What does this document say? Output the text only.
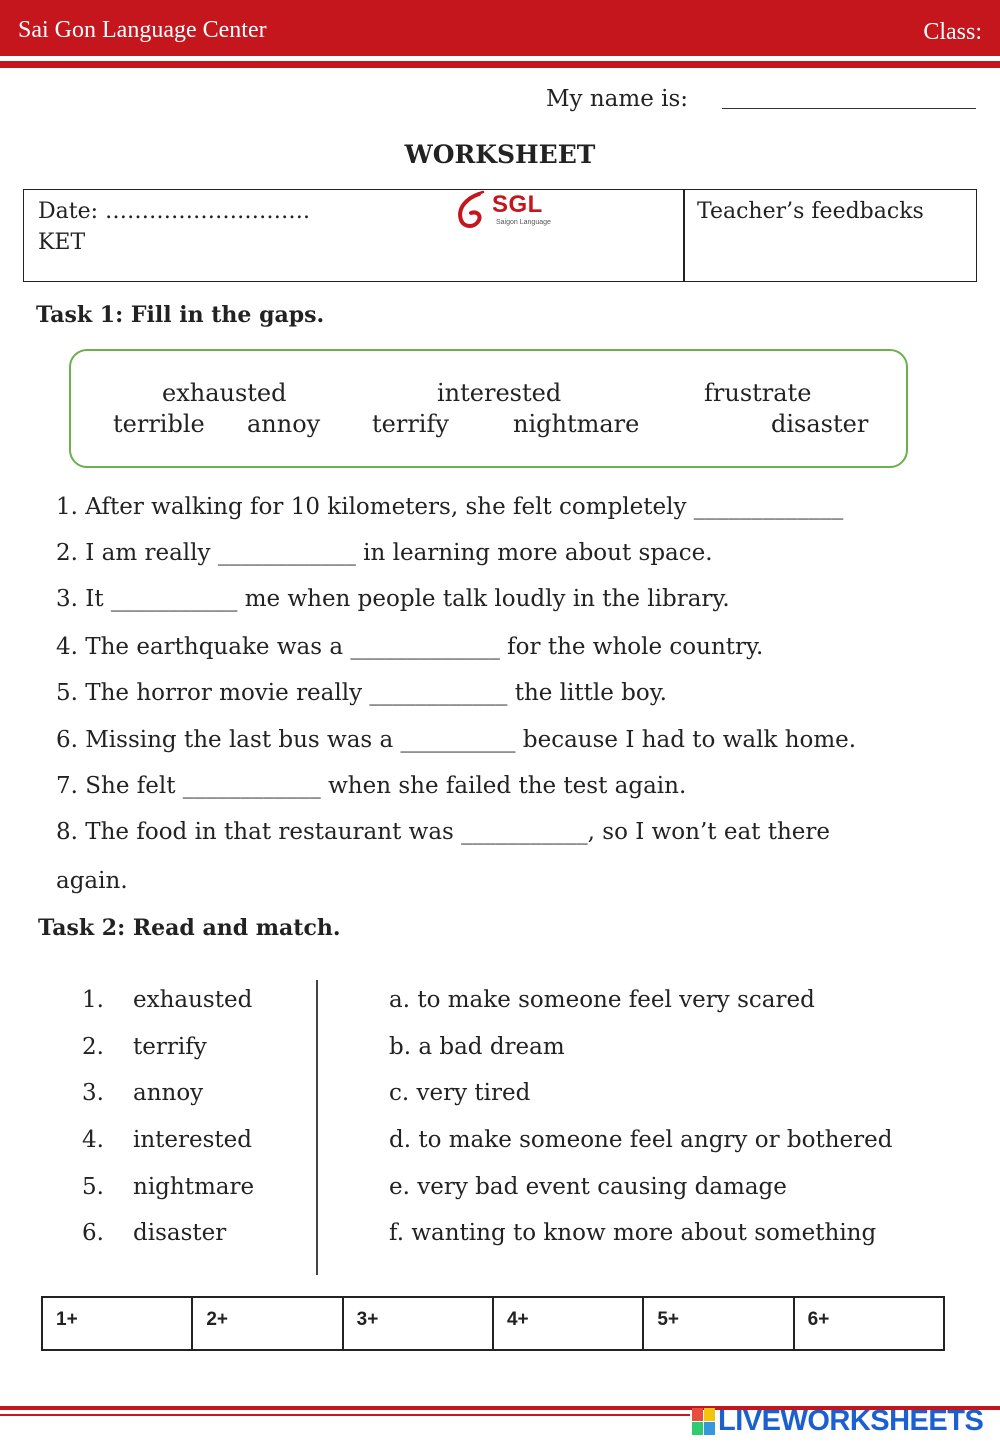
Sai Gon Language Center	Class:
My name is:
WORKSHEET
Date: ……………………….
KET
Teacher’s feedbacks
SGL
Saigon Language
Task 1: Fill in the gaps.
exhausted	interested	frustrate
terrible annoy terrify	nightmare	disaster
1. After walking for 10 kilometers, she felt completely _____________
2. I am really ____________ in learning more about space.
3. It ___________ me when people talk loudly in the library.
4. The earthquake was a _____________ for the whole country.
5. The horror movie really ____________ the little boy.
6. Missing the last bus was a __________ because I had to walk home.
7. She felt ____________ when she failed the test again.
8. The food in that restaurant was ___________, so I won’t eat there
again.
Task 2: Read and match.
1. exhausted	a. to make someone feel very scared
2. terrify	b. a bad dream
3. annoy	c. very tired
4. interested	d. to make someone feel angry or bothered
5. nightmare	e. very bad event causing damage
6. disaster	f. wanting to know more about something
1+	2+	3+	4+	5+	6+
LIVEWORKSHEETS
